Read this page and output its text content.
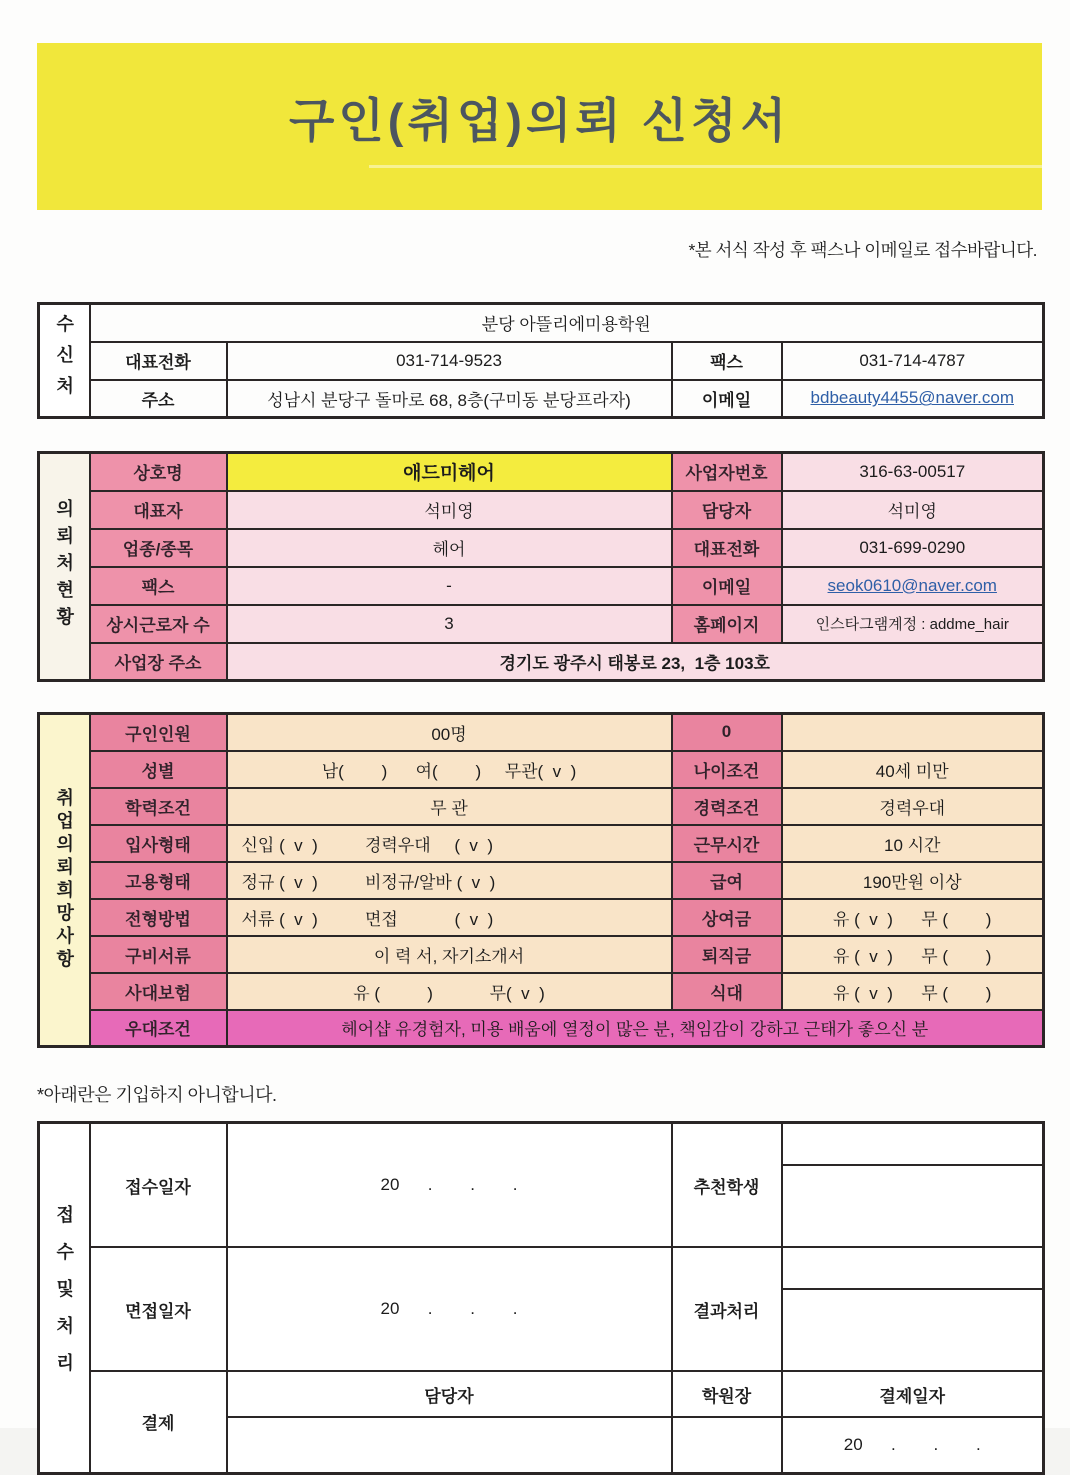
구인(취업)의뢰 신청서
*본 서식 작성 후 팩스나 이메일로 접수바랍니다.
수신처	분당 아뜰리에미용학원			
	대표전화	031-714-9523	팩스	031-714-4787
	주소	성남시 분당구 돌마로 68, 8층(구미동 분당프라자)	이메일	bdbeauty4455@naver.com
의뢰처현황	상호명	애드미헤어	사업자번호	316-63-00517
	대표자	석미영	담당자	석미영
	업종/종목	헤어	대표전화	031-699-0290
	팩스	-	이메일	seok0610@naver.com
	상시근로자 수	3	홈페이지	인스타그램계정 : addme_hair
	사업장 주소	경기도 광주시 태봉로 23,  1층 103호		
취업의뢰희망사항	구인인원	00명	0	
	성별	남(        )      여(        )     무관(  v  )	나이조건	40세 미만
	학력조건	무 관	경력조건	경력우대
	입사형태	신입 (  v  )          경력우대     (  v  )	근무시간	10 시간
	고용형태	정규 (  v  )          비정규/알바 (  v  )	급여	190만원 이상
	전형방법	서류 (  v  )          면접            (  v  )	상여금	유 (  v  )      무 (        )
	구비서류	이 력 서, 자기소개서	퇴직금	유 (  v  )      무 (        )
	사대보험	유 (          )            무(  v  )	식대	유 (  v  )      무 (        )
	우대조건	헤어샵 유경험자, 미용 배움에 열정이 많은 분, 책임감이 강하고 근태가 좋으신 분		
*아래란은 기입하지 아니합니다.
접수및처리	접수일자	20      .        .        .	추천학생	

	면접일자	20      .        .        .	결과처리	

	결제	담당자	학원장	결제일자
				20      .        .        .
